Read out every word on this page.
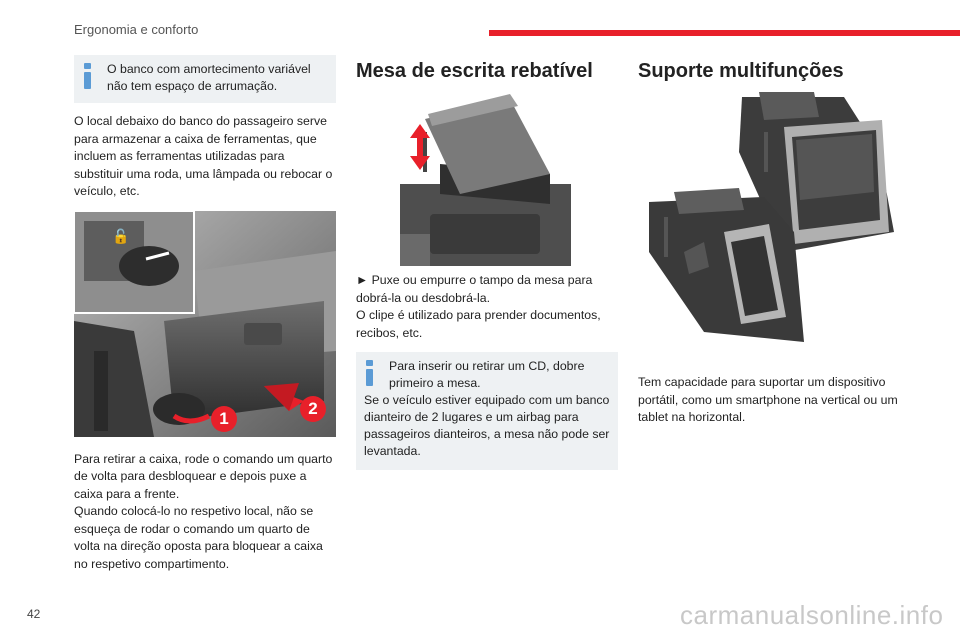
Ergonomia e conforto
O banco com amortecimento variável não tem espaço de arrumação.

O local debaixo do banco do passageiro serve para armazenar a caixa de ferramentas, que incluem as ferramentas utilizadas para substituir uma roda, uma lâmpada ou rebocar o veículo, etc.

🔓
1
2

Para retirar a caixa, rode o comando um quarto de volta para desbloquear e depois puxe a caixa para a frente.

Quando colocá-lo no respetivo local, não se esqueça de rodar o comando um quarto de volta na direção oposta para bloquear a caixa no respetivo compartimento.

Mesa de escrita rebatível

► Puxe ou empurre o tampo da mesa para dobrá-la ou desdobrá-la.

O clipe é utilizado para prender documentos, recibos, etc.

Para inserir ou retirar um CD, dobre primeiro a mesa.
Se o veículo estiver equipado com um banco dianteiro de 2 lugares e um airbag para passageiros dianteiros, a mesa não pode ser levantada.
Suporte multifunções

Tem capacidade para suportar um dispositivo portátil, como um smartphone na vertical ou um tablet na horizontal.

42	carmanualsonline.info
